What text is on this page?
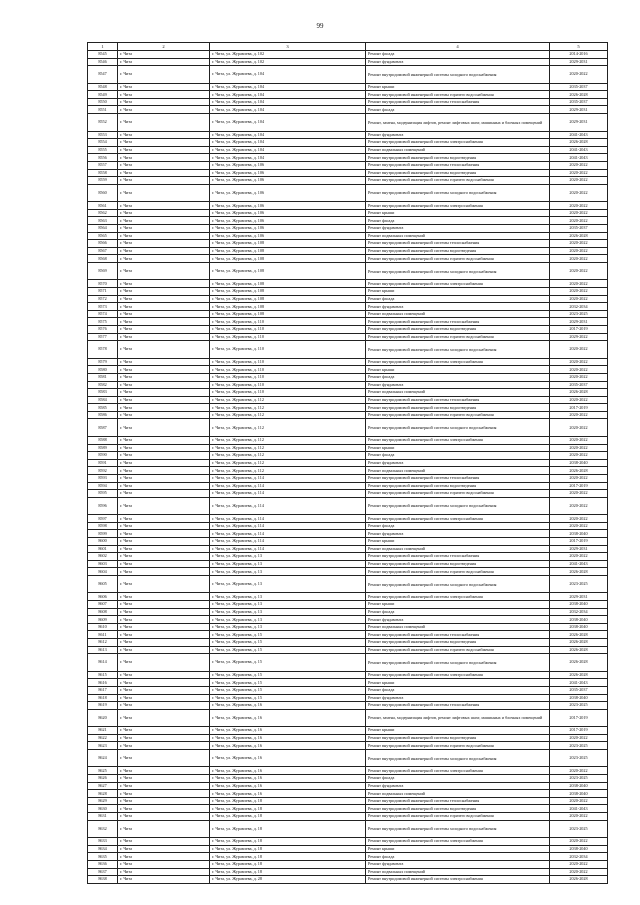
99
1	2	3	4	5
8545	г. Чита	г. Чита, ул. Журавлева, д. 102	Ремонт фасада	2014-2016
8546	г. Чита	г. Чита, ул. Журавлева, д. 102	Ремонт фундамента	2029-2031
8547	г. Чита	г. Чита, ул. Журавлева, д. 104	Ремонт внутридомовой инженерной системы холодного водоснабжения	2020-2022
8548	г. Чита	г. Чита, ул. Журавлева, д. 104	Ремонт крыши	2035-2037
8549	г. Чита	г. Чита, ул. Журавлева, д. 104	Ремонт внутридомовой инженерной системы горячего водоснабжения	2026-2028
8550	г. Чита	г. Чита, ул. Журавлева, д. 104	Ремонт внутридомовой инженерной системы теплоснабжения	2035-2037
8551	г. Чита	г. Чита, ул. Журавлева, д. 104	Ремонт фасада	2029-2031
8552	г. Чита	г. Чита, ул. Журавлева, д. 104	Ремонт, замена, модернизация лифтов, ремонт лифтовых шахт, машинных и блочных помещений	2029-2031
8553	г. Чита	г. Чита, ул. Журавлева, д. 104	Ремонт фундамента	2041-2043
8554	г. Чита	г. Чита, ул. Журавлева, д. 104	Ремонт внутридомовой инженерной системы электроснабжения	2026-2028
8555	г. Чита	г. Чита, ул. Журавлева, д. 104	Ремонт подвальных помещений	2041-2043
8556	г. Чита	г. Чита, ул. Журавлева, д. 104	Ремонт внутридомовой инженерной системы водоотведения	2041-2043
8557	г. Чита	г. Чита, ул. Журавлева, д. 106	Ремонт внутридомовой инженерной системы теплоснабжения	2020-2022
8558	г. Чита	г. Чита, ул. Журавлева, д. 106	Ремонт внутридомовой инженерной системы водоотведения	2020-2022
8559	г. Чита	г. Чита, ул. Журавлева, д. 106	Ремонт внутридомовой инженерной системы горячего водоснабжения	2020-2022
8560	г. Чита	г. Чита, ул. Журавлева, д. 106	Ремонт внутридомовой инженерной системы холодного водоснабжения	2020-2022
8561	г. Чита	г. Чита, ул. Журавлева, д. 106	Ремонт внутридомовой инженерной системы электроснабжения	2020-2022
8562	г. Чита	г. Чита, ул. Журавлева, д. 106	Ремонт крыши	2020-2022
8563	г. Чита	г. Чита, ул. Журавлева, д. 106	Ремонт фасада	2020-2022
8564	г. Чита	г. Чита, ул. Журавлева, д. 106	Ремонт фундамента	2035-2037
8565	г. Чита	г. Чита, ул. Журавлева, д. 106	Ремонт подвальных помещений	2026-2028
8566	г. Чита	г. Чита, ул. Журавлева, д. 108	Ремонт внутридомовой инженерной системы теплоснабжения	2020-2022
8567	г. Чита	г. Чита, ул. Журавлева, д. 108	Ремонт внутридомовой инженерной системы водоотведения	2020-2022
8568	г. Чита	г. Чита, ул. Журавлева, д. 108	Ремонт внутридомовой инженерной системы горячего водоснабжения	2020-2022
8569	г. Чита	г. Чита, ул. Журавлева, д. 108	Ремонт внутридомовой инженерной системы холодного водоснабжения	2020-2022
8570	г. Чита	г. Чита, ул. Журавлева, д. 108	Ремонт внутридомовой инженерной системы электроснабжения	2020-2022
8571	г. Чита	г. Чита, ул. Журавлева, д. 108	Ремонт крыши	2020-2022
8572	г. Чита	г. Чита, ул. Журавлева, д. 108	Ремонт фасада	2020-2022
8573	г. Чита	г. Чита, ул. Журавлева, д. 108	Ремонт фундамента	2032-2034
8574	г. Чита	г. Чита, ул. Журавлева, д. 108	Ремонт подвальных помещений	2023-2025
8575	г. Чита	г. Чита, ул. Журавлева, д. 110	Ремонт внутридомовой инженерной системы теплоснабжения	2029-2031
8576	г. Чита	г. Чита, ул. Журавлева, д. 110	Ремонт внутридомовой инженерной системы водоотведения	2017-2019
8577	г. Чита	г. Чита, ул. Журавлева, д. 110	Ремонт внутридомовой инженерной системы горячего водоснабжения	2029-2022
8578	г. Чита	г. Чита, ул. Журавлева, д. 110	Ремонт внутридомовой инженерной системы холодного водоснабжения	2020-2022
8579	г. Чита	г. Чита, ул. Журавлева, д. 110	Ремонт внутридомовой инженерной системы электроснабжения	2020-2022
8580	г. Чита	г. Чита, ул. Журавлева, д. 110	Ремонт крыши	2020-2022
8581	г. Чита	г. Чита, ул. Журавлева, д. 110	Ремонт фасада	2020-2022
8582	г. Чита	г. Чита, ул. Журавлева, д. 110	Ремонт фундамента	2035-2037
8583	г. Чита	г. Чита, ул. Журавлева, д. 110	Ремонт подвальных помещений	2026-2028
8584	г. Чита	г. Чита, ул. Журавлева, д. 112	Ремонт внутридомовой инженерной системы теплоснабжения	2020-2022
8585	г. Чита	г. Чита, ул. Журавлева, д. 112	Ремонт внутридомовой инженерной системы водоотведения	2017-2019
8586	г. Чита	г. Чита, ул. Журавлева, д. 112	Ремонт внутридомовой инженерной системы горячего водоснабжения	2020-2022
8587	г. Чита	г. Чита, ул. Журавлева, д. 112	Ремонт внутридомовой инженерной системы холодного водоснабжения	2020-2022
8588	г. Чита	г. Чита, ул. Журавлева, д. 112	Ремонт внутридомовой инженерной системы электроснабжения	2020-2022
8589	г. Чита	г. Чита, ул. Журавлева, д. 112	Ремонт крыши	2020-2022
8590	г. Чита	г. Чита, ул. Журавлева, д. 112	Ремонт фасада	2020-2022
8591	г. Чита	г. Чита, ул. Журавлева, д. 112	Ремонт фундамента	2038-2040
8592	г. Чита	г. Чита, ул. Журавлева, д. 112	Ремонт подвальных помещений	2026-2028
8593	г. Чита	г. Чита, ул. Журавлева, д. 114	Ремонт внутридомовой инженерной системы теплоснабжения	2020-2022
8594	г. Чита	г. Чита, ул. Журавлева, д. 114	Ремонт внутридомовой инженерной системы водоотведения	2017-2019
8595	г. Чита	г. Чита, ул. Журавлева, д. 114	Ремонт внутридомовой инженерной системы горячего водоснабжения	2020-2022
8596	г. Чита	г. Чита, ул. Журавлева, д. 114	Ремонт внутридомовой инженерной системы холодного водоснабжения	2020-2022
8597	г. Чита	г. Чита, ул. Журавлева, д. 114	Ремонт внутридомовой инженерной системы электроснабжения	2020-2022
8598	г. Чита	г. Чита, ул. Журавлева, д. 114	Ремонт фасада	2020-2022
8599	г. Чита	г. Чита, ул. Журавлева, д. 114	Ремонт фундамента	2038-2040
8600	г. Чита	г. Чита, ул. Журавлева, д. 114	Ремонт крыши	2017-2019
8601	г. Чита	г. Чита, ул. Журавлева, д. 114	Ремонт подвальных помещений	2029-2031
8602	г. Чита	г. Чита, ул. Журавлева, д. 13	Ремонт внутридомовой инженерной системы теплоснабжения	2020-2022
8603	г. Чита	г. Чита, ул. Журавлева, д. 13	Ремонт внутридомовой инженерной системы водоотведения	2041-2043
8604	г. Чита	г. Чита, ул. Журавлева, д. 13	Ремонт внутридомовой инженерной системы горячего водоснабжения	2026-2028
8605	г. Чита	г. Чита, ул. Журавлева, д. 13	Ремонт внутридомовой инженерной системы холодного водоснабжения	2023-2025
8606	г. Чита	г. Чита, ул. Журавлева, д. 13	Ремонт внутридомовой инженерной системы электроснабжения	2029-2031
8607	г. Чита	г. Чита, ул. Журавлева, д. 13	Ремонт крыши	2038-2040
8608	г. Чита	г. Чита, ул. Журавлева, д. 13	Ремонт фасада	2032-2034
8609	г. Чита	г. Чита, ул. Журавлева, д. 13	Ремонт фундамента	2038-2040
8610	г. Чита	г. Чита, ул. Журавлева, д. 13	Ремонт подвальных помещений	2038-2040
8611	г. Чита	г. Чита, ул. Журавлева, д. 15	Ремонт внутридомовой инженерной системы теплоснабжения	2026-2028
8612	г. Чита	г. Чита, ул. Журавлева, д. 15	Ремонт внутридомовой инженерной системы водоотведения	2026-2028
8613	г. Чита	г. Чита, ул. Журавлева, д. 15	Ремонт внутридомовой инженерной системы горячего водоснабжения	2026-2028
8614	г. Чита	г. Чита, ул. Журавлева, д. 15	Ремонт внутридомовой инженерной системы холодного водоснабжения	2026-2028
8615	г. Чита	г. Чита, ул. Журавлева, д. 15	Ремонт внутридомовой инженерной системы электроснабжения	2026-2028
8616	г. Чита	г. Чита, ул. Журавлева, д. 15	Ремонт крыши	2041-2043
8617	г. Чита	г. Чита, ул. Журавлева, д. 15	Ремонт фасада	2035-2037
8618	г. Чита	г. Чита, ул. Журавлева, д. 15	Ремонт фундамента	2038-2040
8619	г. Чита	г. Чита, ул. Журавлева, д. 16	Ремонт внутридомовой инженерной системы теплоснабжения	2023-2025
8620	г. Чита	г. Чита, ул. Журавлева, д. 16	Ремонт, замена, модернизация лифтов, ремонт лифтовых шахт, машинных и блочных помещений	2017-2019
8621	г. Чита	г. Чита, ул. Журавлева, д. 16	Ремонт крыши	2017-2019
8622	г. Чита	г. Чита, ул. Журавлева, д. 16	Ремонт внутридомовой инженерной системы водоотведения	2020-2022
8623	г. Чита	г. Чита, ул. Журавлева, д. 16	Ремонт внутридомовой инженерной системы горячего водоснабжения	2023-2025
8624	г. Чита	г. Чита, ул. Журавлева, д. 16	Ремонт внутридомовой инженерной системы холодного водоснабжения	2023-2025
8625	г. Чита	г. Чита, ул. Журавлева, д. 16	Ремонт внутридомовой инженерной системы электроснабжения	2020-2022
8626	г. Чита	г. Чита, ул. Журавлева, д. 16	Ремонт фасада	2023-2025
8627	г. Чита	г. Чита, ул. Журавлева, д. 16	Ремонт фундамента	2038-2040
8628	г. Чита	г. Чита, ул. Журавлева, д. 16	Ремонт подвальных помещений	2038-2040
8629	г. Чита	г. Чита, ул. Журавлева, д. 18	Ремонт внутридомовой инженерной системы теплоснабжения	2020-2022
8630	г. Чита	г. Чита, ул. Журавлева, д. 18	Ремонт внутридомовой инженерной системы водоотведения	2041-2043
8631	г. Чита	г. Чита, ул. Журавлева, д. 18	Ремонт внутридомовой инженерной системы горячего водоснабжения	2020-2022
8632	г. Чита	г. Чита, ул. Журавлева, д. 18	Ремонт внутридомовой инженерной системы холодного водоснабжения	2023-2025
8633	г. Чита	г. Чита, ул. Журавлева, д. 18	Ремонт внутридомовой инженерной системы электроснабжения	2020-2022
8634	г. Чита	г. Чита, ул. Журавлева, д. 18	Ремонт крыши	2038-2040
8635	г. Чита	г. Чита, ул. Журавлева, д. 18	Ремонт фасада	2032-2034
8636	г. Чита	г. Чита, ул. Журавлева, д. 18	Ремонт фундамента	2020-2022
8637	г. Чита	г. Чита, ул. Журавлева, д. 18	Ремонт подвальных помещений	2020-2022
8638	г. Чита	г. Чита, ул. Журавлева, д. 28	Ремонт внутридомовой инженерной системы электроснабжения	2026-2028
